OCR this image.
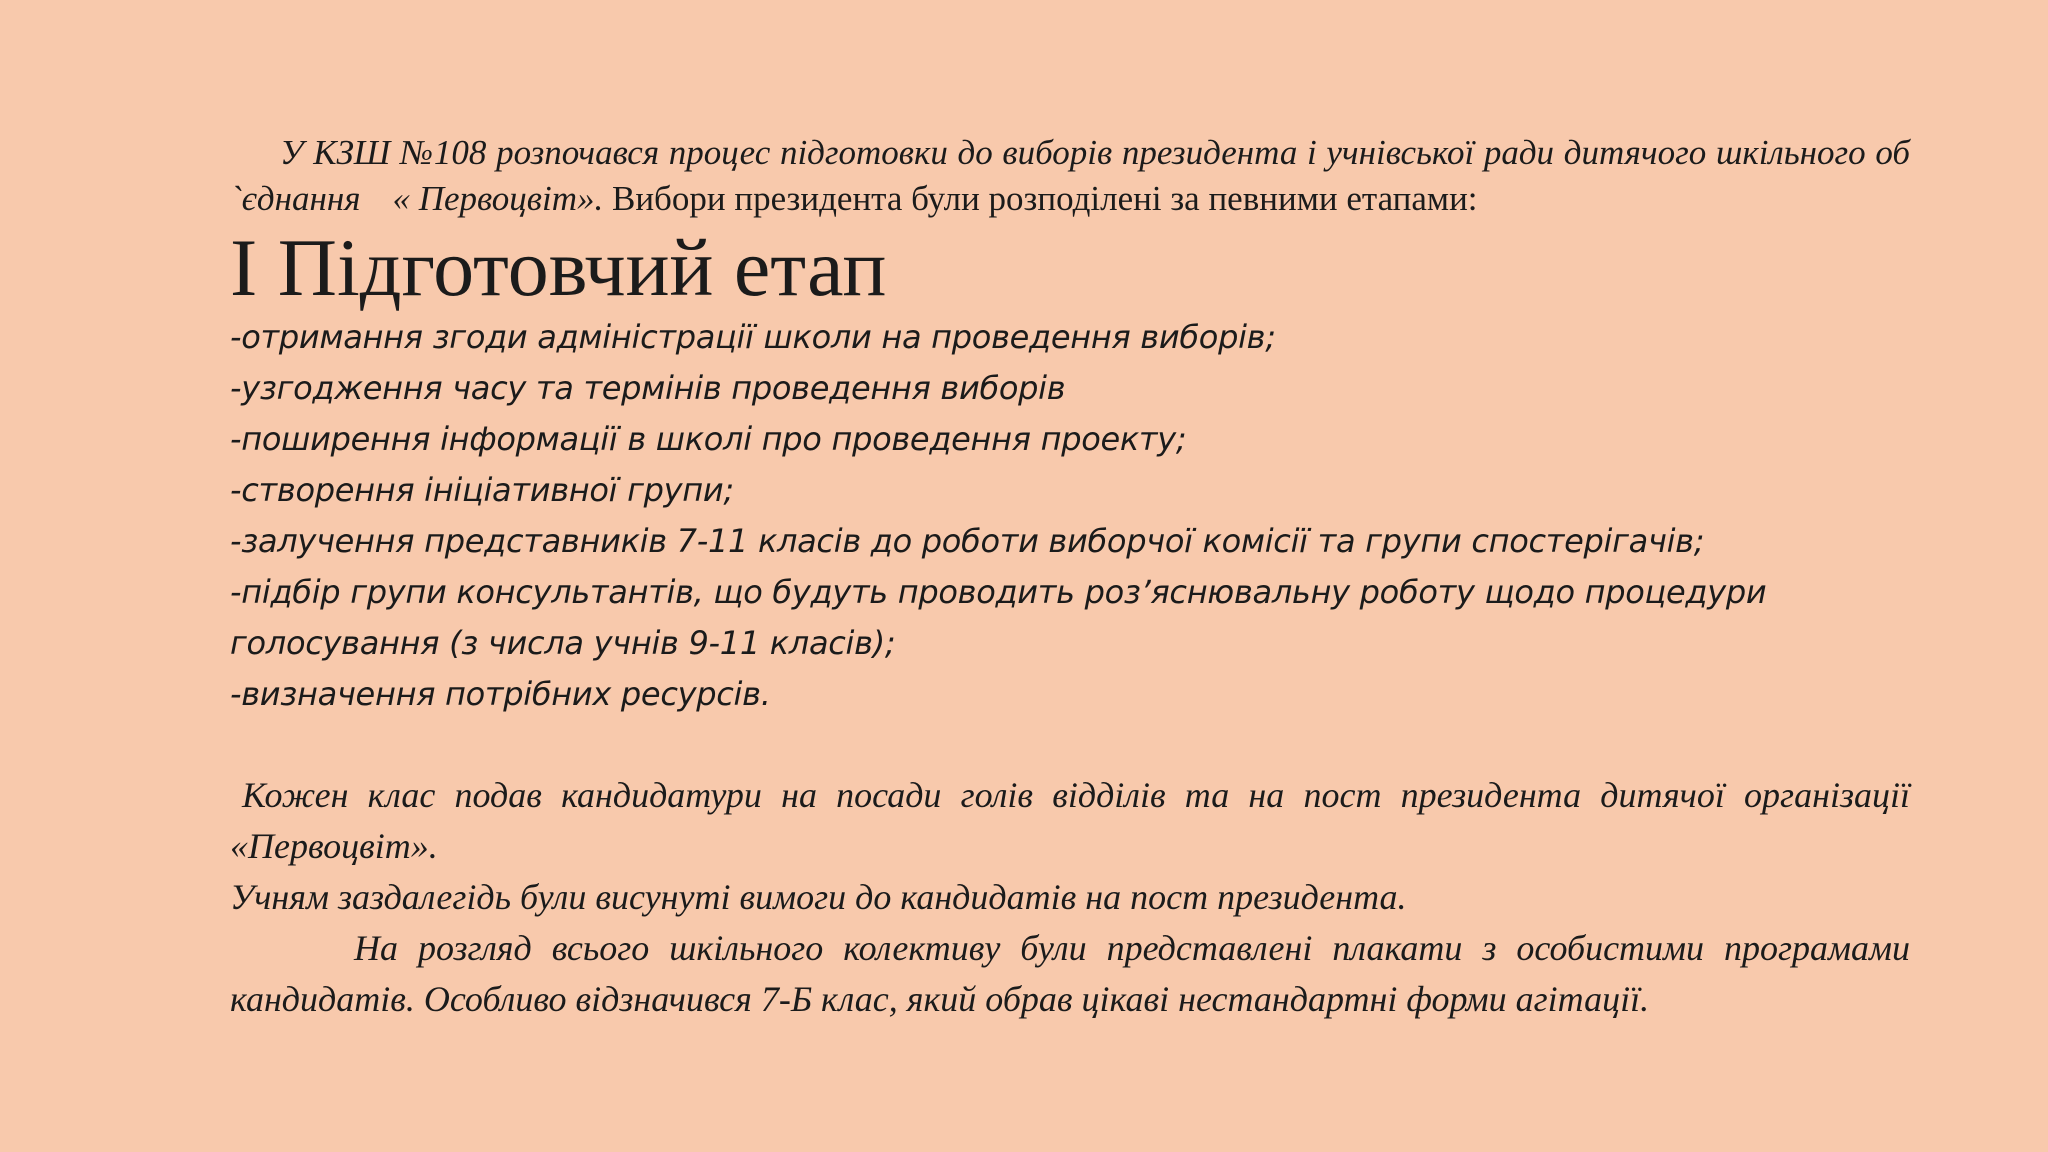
У КЗШ №108 розпочався процес підготовки до виборів президента і учнівської ради дитячого шкільного об `єднання « Первоцвіт». Вибори президента були розподілені за певними етапами:

І Підготовчий етап
-отримання згоди адміністрації школи на проведення виборів;
-узгодження часу та термінів проведення виборів
-поширення інформації в школі про проведення проекту;
-створення ініціативної групи;
-залучення представників 7-11 класів до роботи виборчої комісії та групи спостерігачів;
-підбір групи консультантів, що будуть проводить роз’яснювальну роботу щодо процедури голосування (з числа учнів 9-11 класів);
-визначення потрібних ресурсів.

Кожен клас подав кандидатури на посади голів відділів та на пост президента дитячої організації «Первоцвіт».

Учням заздалегідь були висунуті вимоги до кандидатів на пост президента.

На розгляд всього шкільного колективу були представлені плакати з особистими програмами кандидатів. Особливо відзначився 7-Б клас, який обрав цікаві нестандартні форми агітації.
